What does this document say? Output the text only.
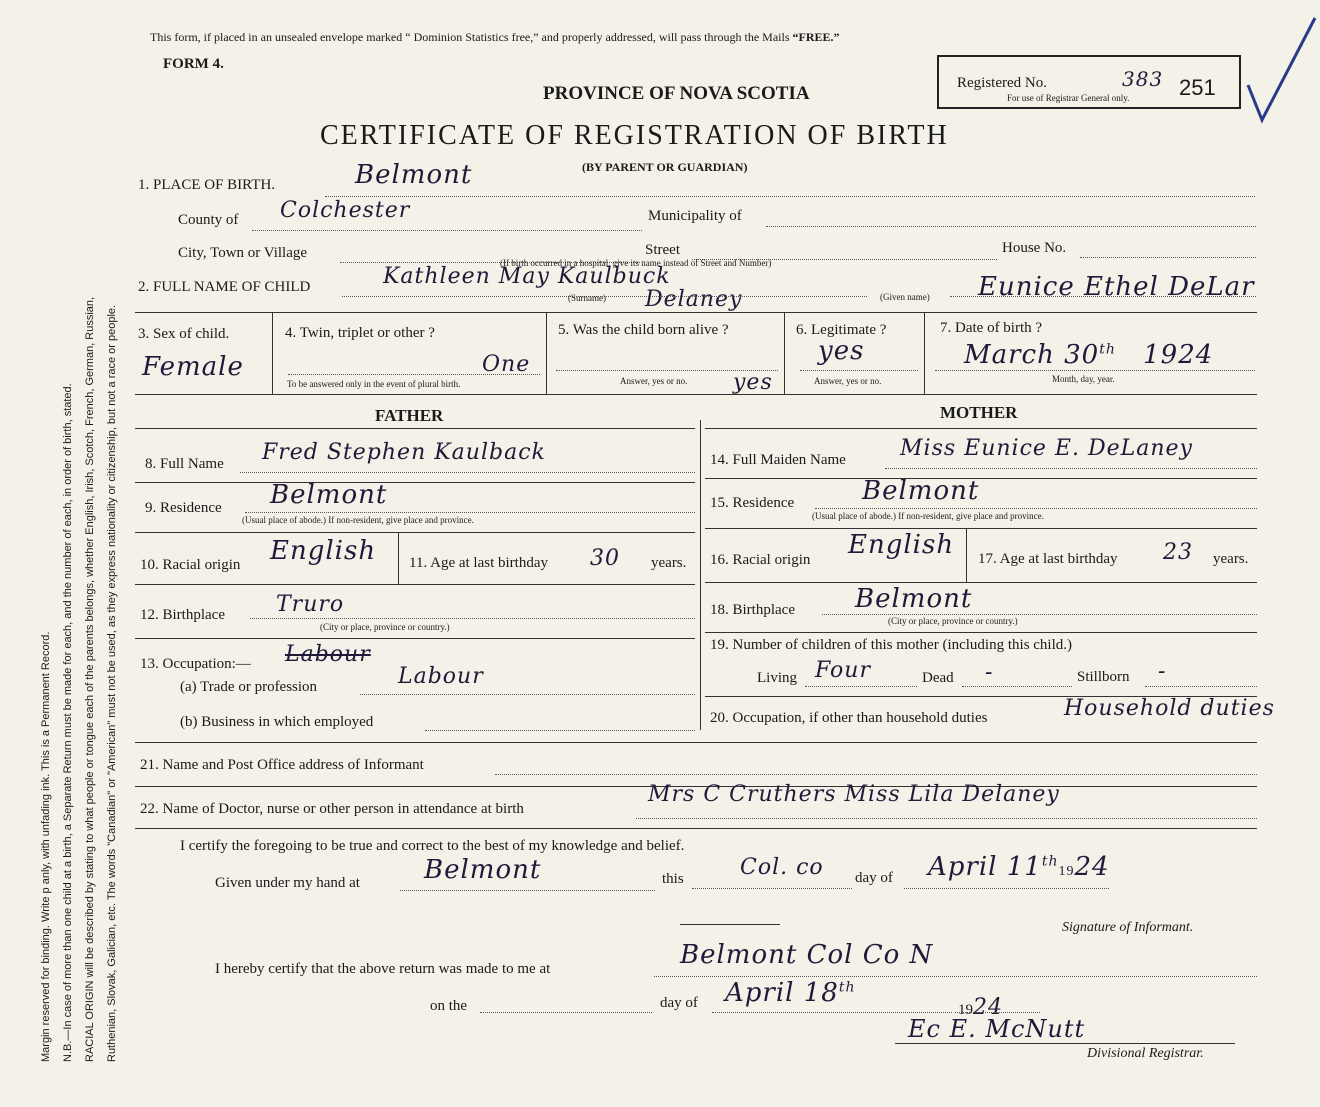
Margin reserved for binding. Write p anly, with unfading ink. This is a Permanent Record. N.B.—In case of more than one child at a birth, a Separate Return must be made for each, and the number of each, in order of birth, stated. RACIAL ORIGIN will be described by stating to what people or tongue each of the parents belongs, whether English, Irish, Scotch, French, German, Russian, Ruthenian, Slovak, Galician, etc. The words "Canadian" or "American" must not be used, as they express nationality or citizenship, but not a race or people.
This form, if placed in an unsealed envelope marked “ Dominion Statistics free,” and properly addressed, will pass through the Mails “FREE.”
FORM 4.
PROVINCE OF NOVA SCOTIA
CERTIFICATE OF REGISTRATION OF BIRTH
(BY PARENT OR GUARDIAN)
Registered No.
For use of Registrar General only.
383 251
1. PLACE OF BIRTH.	Belmont
County of Colchester	Municipality of
City, Town or Village	Street	House No.
(If birth occurred in a hospital, give its name instead of Street and Number)
2. FULL NAME OF CHILD	Kathleen May Kaulbuck
Delaney
(Surname)	(Given name) Eunice Ethel DeLar
3. Sex of child.
Female
4. Twin, triplet or other ?
One
To be answered only in the event of plural birth.
5. Was the child born alive ?
Answer, yes or no. yes
6. Legitimate ?
yes
Answer, yes or no.
7. Date of birth ?
March 30th 1924
Month, day, year.
FATHER	MOTHER
8. Full Name Fred Stephen Kaulback
9. Residence Belmont
(Usual place of abode.) If non-resident, give place and province.
10. Racial origin English 11. Age at last birthday 30 years.
12. Birthplace Truro
(City or place, province or country.)
13. Occupation:— Labour
(a) Trade or profession	Labour
(b) Business in which employed
14. Full Maiden Name Miss Eunice E. DeLaney
15. Residence	Belmont
(Usual place of abode.) If non-resident, give place and province.
16. Racial origin English 17. Age at last birthday 23 years.
18. Birthplace Belmont
(City or place, province or country.)
19. Number of children of this mother (including this child.)
Living Four	Dead -	Stillborn -
20. Occupation, if other than household duties	Household duties
21. Name and Post Office address of Informant
22. Name of Doctor, nurse or other person in attendance at birth
Mrs C Cruthers Miss Lila Delaney
I certify the foregoing to be true and correct to the best of my knowledge and belief.
Given under my hand at Belmont	this	Col. co day of April 11th1924
Signature of Informant.
I hereby certify that the above return was made to me at	Belmont Col Co N
on the	day of April 18th
1924
Ec E. McNutt
Divisional Registrar.
